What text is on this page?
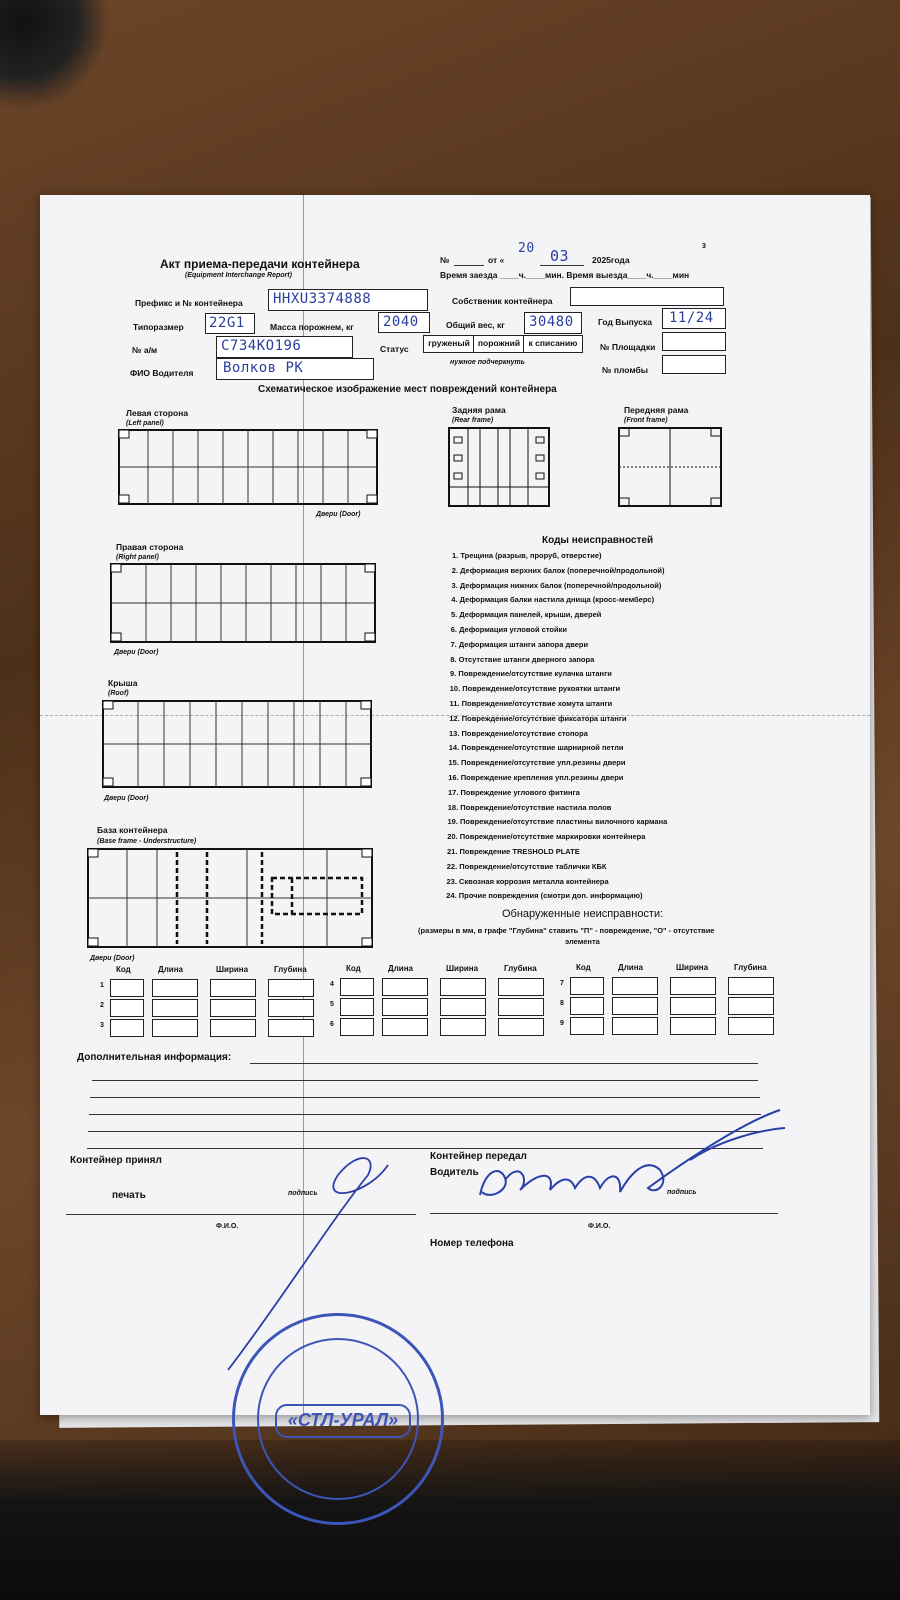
Акт приема-передачи контейнера
(Equipment Interchange Report)
№	от «
20 03	2025года
3
Время заезда ____ч.____мин. Время выезда____ч.____мин
Префикс и № контейнера HHXU3374888	Собственик контейнера
Типоразмер 22G1	Масса порожнем, кг 2040	Общий вес, кг 30480	Год Выпуска 11/24
№ а/м	C734KO196	Статус
груженый порожний к списанию
нужное подчеркнуть
№ Площадки
ФИО Водителя Волков РК	№ пломбы
Схематическое изображение мест повреждений контейнера
Левая сторона
(Left panel)
Двери (Door)
Задняя рама
(Rear frame)
Передняя рама
(Front frame)
Правая сторона
(Right panel)
Двери (Door)
Крыша
(Roof)
Двери (Door)
База контейнера
(Base frame - Understructure)
Двери (Door)
Коды неисправностей
1. Трещина (разрыв, проруб, отверстие)
2. Деформация верхних балок (поперечной/продольной)
3. Деформация нижних балок (поперечной/продольной)
4. Деформация балки настила днища (кросс-мемберс)
5. Деформация панелей, крыши, дверей
6. Деформация угловой стойки
7. Деформация штанги запора двери
8. Отсутствие штанги дверного запора
9. Повреждение/отсутствие кулачка штанги
10. Повреждение/отсутствие рукоятки штанги
11. Повреждение/отсутствие хомута штанги
12. Повреждение/отсутствие фиксатора штанги
13. Повреждение/отсутствие стопора
14. Повреждение/отсутствие шарнирной петли
15. Повреждение/отсутствие упл.резины двери
16. Повреждение крепления упл.резины двери
17. Повреждение углового фитинга
18. Повреждение/отсутствие настила полов
19. Повреждение/отсутствие пластины вилочного кармана
20. Повреждение/отсутствие маркировки контейнера
21. Повреждение TRESHOLD PLATE
22. Повреждение/отсутствие таблички КБК
23. Сквозная коррозия металла контейнера
24. Прочие повреждения (смотри доп. информацию)
Обнаруженные неисправности:
(размеры в мм, в графе "Глубина" ставить "П" - повреждение, "О" - отсутствие
элемента
Код	Длина	Ширина	Глубина
1
2
3
Код	Длина	Ширина	Глубина
4
5
6
Код	Длина	Ширина	Глубина
7
8
9
Дополнительная информация:
Контейнер принял
печать	подпись
Ф.И.О.
Контейнер передал
Водитель
подпись
Ф.И.О.
Номер телефона
«СТЛ-УРАЛ»
